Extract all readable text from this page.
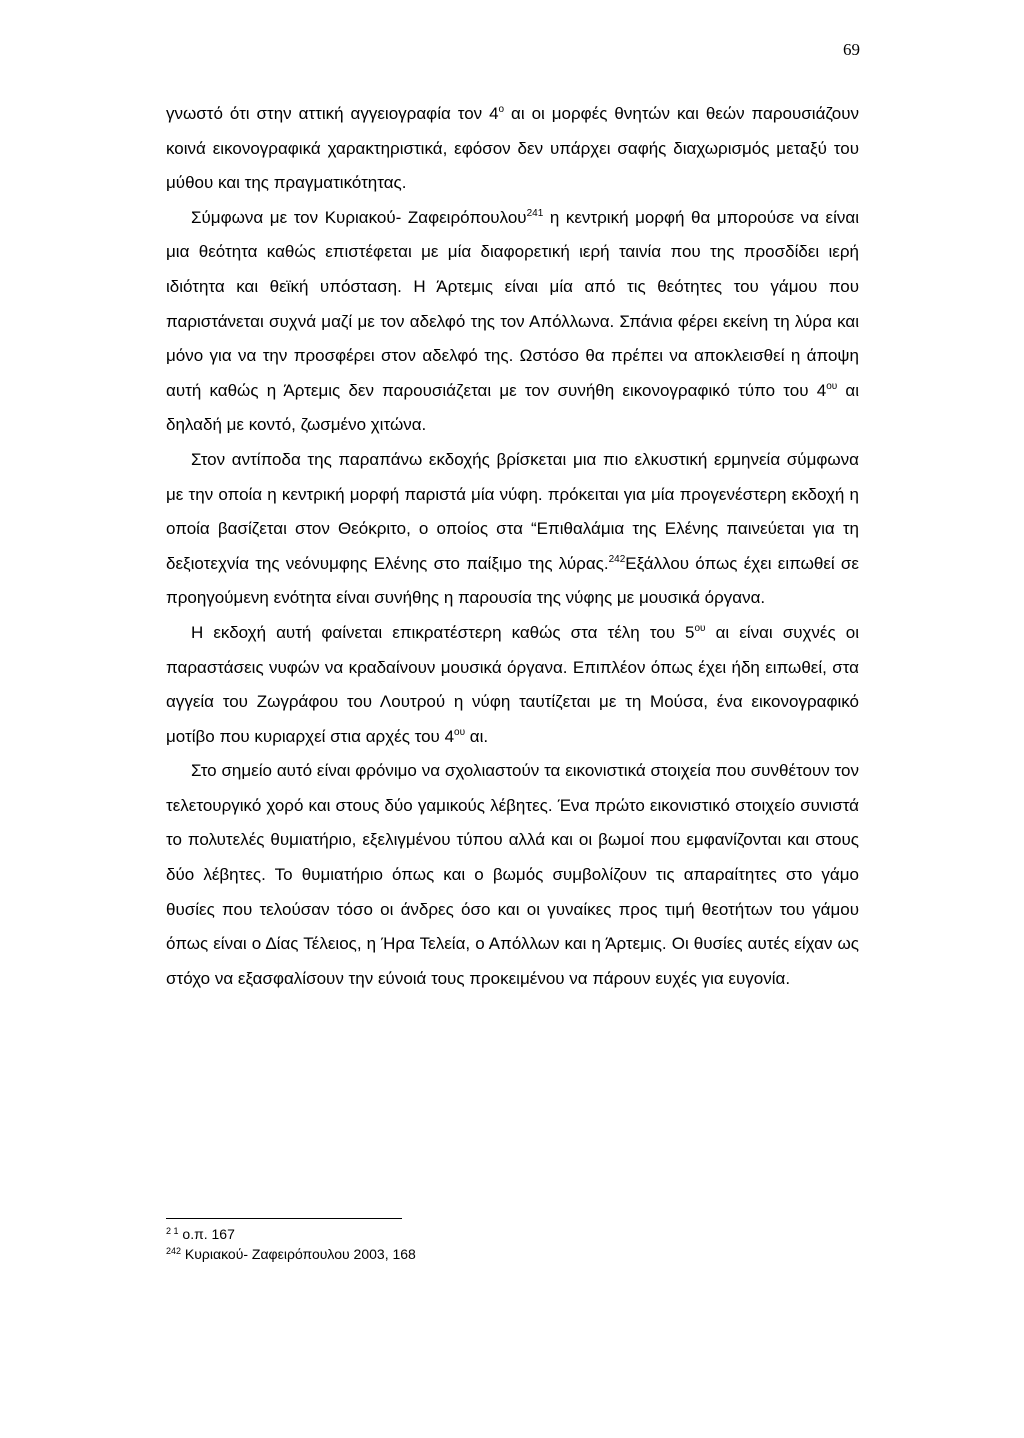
69

γνωστό ότι στην αττική αγγειογραφία τον $4^o$ αι οι μορφές θνητών και θεών παρουσιάζουν κοινά εικονογραφικά χαρακτηριστικά, εφόσον δεν υπάρχει σαφής διαχωρισμός μεταξύ του μύθου και της πραγματικότητας.

Σύμφωνα με τον Κυριακού- Ζαφειρόπουλου$^{241}$ η κεντρική μορφή θα μπορούσε να είναι μια θεότητα καθώς επιστέφεται με μία διαφορετική ιερή ταινία που της προσδίδει ιερή ιδιότητα και θεϊκή υπόσταση. Η Άρτεμις είναι μία από τις θεότητες του γάμου που παριστάνεται συχνά μαζί με τον αδελφό της τον Απόλλωνα. Σπάνια φέρει εκείνη τη λύρα και μόνο για να την προσφέρει στον αδελφό της. Ωστόσο θα πρέπει να αποκλεισθεί η άποψη αυτή καθώς η Άρτεμις δεν παρουσιάζεται με τον συνήθη εικονογραφικό τύπο του $4^{o\upsilon}$ αι δηλαδή με κοντό, ζωσμένο χιτώνα.

Στον αντίποδα της παραπάνω εκδοχής βρίσκεται μια πιο ελκυστική ερμηνεία σύμφωνα με την οποία η κεντρική μορφή παριστά μία νύφη. πρόκειται για μία προγενέστερη εκδοχή η οποία βασίζεται στον Θεόκριτο, ο οποίος στα “Επιθαλάμια της Ελένης παινεύεται για τη δεξιοτεχνία της νεόνυμφης Ελένης στο παίξιμο της λύρας.$^{242}$Εξάλλου όπως έχει ειπωθεί σε προηγούμενη ενότητα είναι συνήθης η παρουσία της νύφης με μουσικά όργανα.

Η εκδοχή αυτή φαίνεται επικρατέστερη καθώς στα τέλη του $5^{o\upsilon}$ αι είναι συχνές οι παραστάσεις νυφών να κραδαίνουν μουσικά όργανα. Επιπλέον όπως έχει ήδη ειπωθεί, στα αγγεία του Ζωγράφου του Λουτρού η νύφη ταυτίζεται με τη Μούσα, ένα εικονογραφικό μοτίβο που κυριαρχεί στια αρχές του $4^{o\upsilon}$ αι.

Στο σημείο αυτό είναι φρόνιμο να σχολιαστούν τα εικονιστικά στοιχεία που συνθέτουν τον τελετουργικό χορό και στους δύο γαμικούς λέβητες. Ένα πρώτο εικονιστικό στοιχείο συνιστά το πολυτελές θυμιατήριο, εξελιγμένου τύπου αλλά και οι βωμοί που εμφανίζονται και στους δύο λέβητες. Το θυμιατήριο όπως και ο βωμός συμβολίζουν τις απαραίτητες στο γάμο θυσίες που τελούσαν τόσο οι άνδρες όσο και οι γυναίκες προς τιμή θεοτήτων του γάμου όπως είναι ο Δίας Τέλειος, η Ήρα Τελεία, ο Απόλλων και η Άρτεμις. Οι θυσίες αυτές είχαν ως στόχο να εξασφαλίσουν την εύνοιά τους προκειμένου να πάρουν ευχές για ευγονία.

$^{2 1}$ ο.π. 167
$^{242}$ Κυριακού- Ζαφειρόπουλου 2003, 168
